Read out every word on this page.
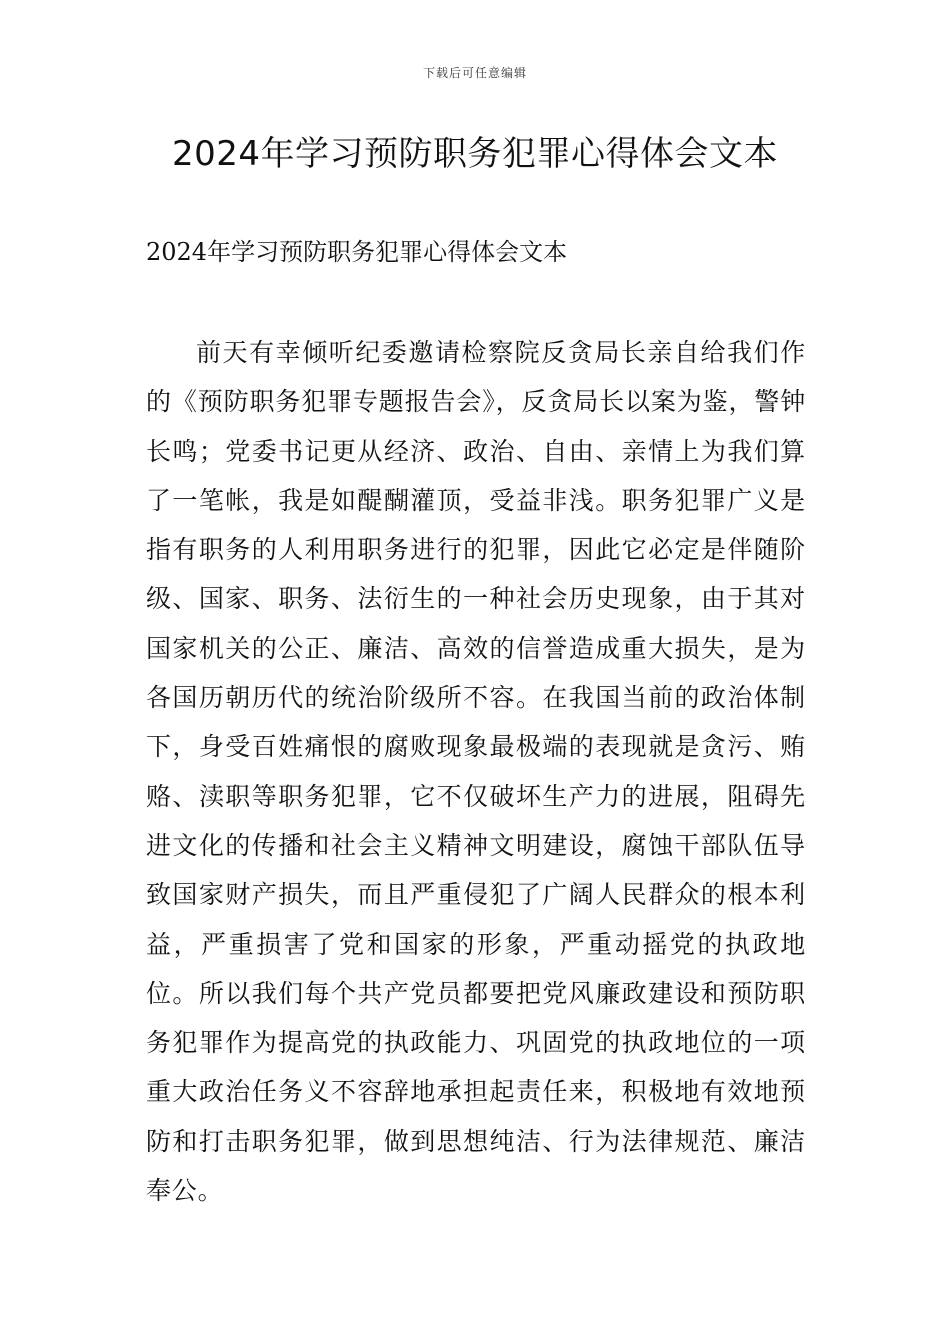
下载后可任意编辑
2024年学习预防职务犯罪心得体会文本
2024年学习预防职务犯罪心得体会文本

前天有幸倾听纪委邀请检察院反贪局长亲自给我们作的《预防职务犯罪专题报告会》，反贪局长以案为鉴，警钟长鸣；党委书记更从经济、政治、自由、亲情上为我们算了一笔帐，我是如醍醐灌顶，受益非浅。职务犯罪广义是指有职务的人利用职务进行的犯罪，因此它必定是伴随阶级、国家、职务、法衍生的一种社会历史现象，由于其对国家机关的公正、廉洁、高效的信誉造成重大损失，是为各国历朝历代的统治阶级所不容。在我国当前的政治体制下，身受百姓痛恨的腐败现象最极端的表现就是贪污、贿赂、渎职等职务犯罪，它不仅破坏生产力的进展，阻碍先进文化的传播和社会主义精神文明建设，腐蚀干部队伍导致国家财产损失，而且严重侵犯了广阔人民群众的根本利益，严重损害了党和国家的形象，严重动摇党的执政地位。所以我们每个共产党员都要把党风廉政建设和预防职务犯罪作为提高党的执政能力、巩固党的执政地位的一项重大政治任务义不容辞地承担起责任来，积极地有效地预防和打击职务犯罪，做到思想纯洁、行为法律规范、廉洁奉公。
